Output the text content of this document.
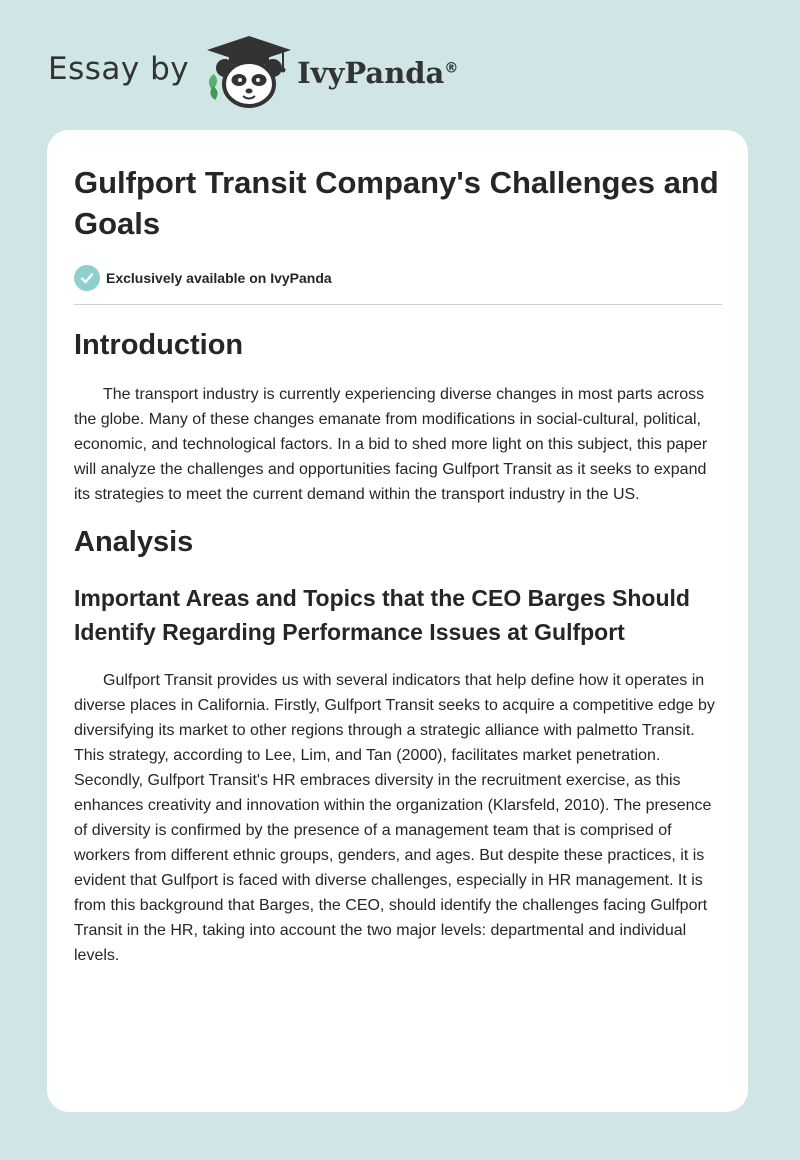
Essay by	IvyPanda®
Gulfport Transit Company's Challenges and Goals
Exclusively available on IvyPanda
Introduction

The transport industry is currently experiencing diverse changes in most parts across the globe. Many of these changes emanate from modifications in social-cultural, political, economic, and technological factors. In a bid to shed more light on this subject, this paper will analyze the challenges and opportunities facing Gulfport Transit as it seeks to expand its strategies to meet the current demand within the transport industry in the US.

Analysis
Important Areas and Topics that the CEO Barges Should Identify Regarding Performance Issues at Gulfport

Gulfport Transit provides us with several indicators that help define how it operates in diverse places in California. Firstly, Gulfport Transit seeks to acquire a competitive edge by diversifying its market to other regions through a strategic alliance with palmetto Transit. This strategy, according to Lee, Lim, and Tan (2000), facilitates market penetration. Secondly, Gulfport Transit's HR embraces diversity in the recruitment exercise, as this enhances creativity and innovation within the organization (Klarsfeld, 2010). The presence of diversity is confirmed by the presence of a management team that is comprised of workers from different ethnic groups, genders, and ages. But despite these practices, it is evident that Gulfport is faced with diverse challenges, especially in HR management. It is from this background that Barges, the CEO, should identify the challenges facing Gulfport Transit in the HR, taking into account the two major levels: departmental and individual levels.
